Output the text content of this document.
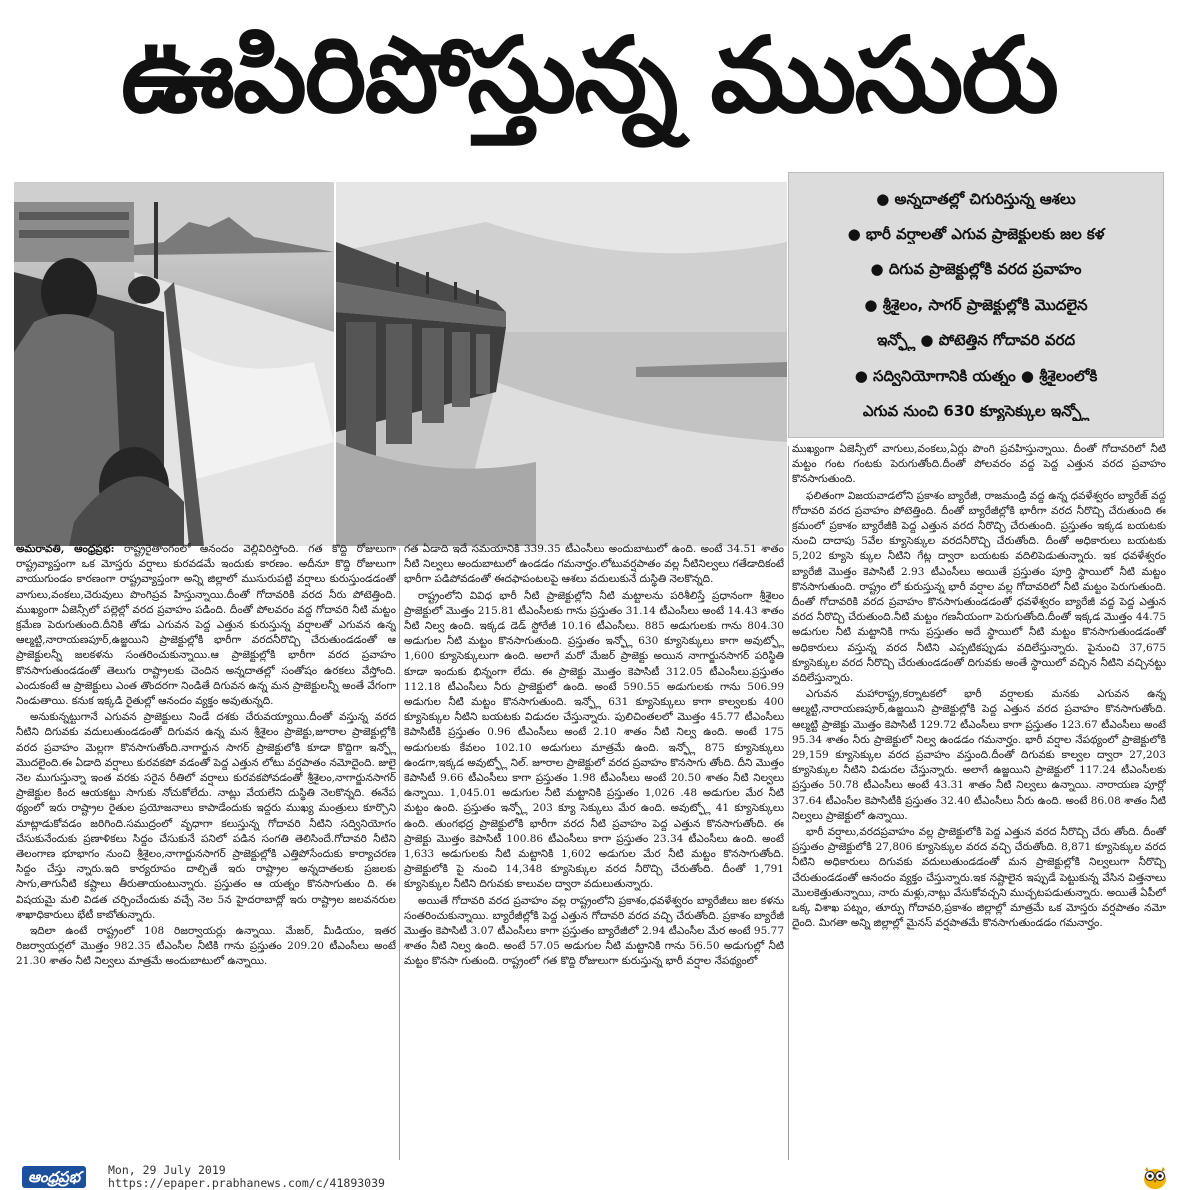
ఊపిరిపోస్తున్న ముసురు
● అన్నదాతల్లో చిగురిస్తున్న ఆశలు
● భారీ వర్షాలతో ఎగువ ప్రాజెక్టులకు జల కళ
● దిగువ ప్రాజెక్టుల్లోకి వరద ప్రవాహం
● శ్రీశైలం, సాగర్ ప్రాజెక్టుల్లోకి మొదలైన
ఇన్ఫ్లో ● పోటెత్తిన గోదావరి వరద
● సద్వినియోగానికి యత్నం ● శ్రీశైలంలోకి
ఎగువ నుంచి 630 క్యూసెక్కుల ఇన్ఫ్లో

అమరావతి, ఆంధ్రప్రభ: రాష్ట్రరైతాంగంలో ఆనందం వెల్లివిరిస్తోంది. గత కొద్ది రోజులుగా రాష్ట్రవ్యాప్తంగా ఒక మోస్తరు వర్షాలు కురవడమే ఇందుకు కారణం. అదీనూ కొద్ది రోజులుగా వాయుగుండం కారణంగా రాష్ట్రవ్యాప్తంగా అన్ని జిల్లాలో ముసురుపట్టి వర్షాలు కురుస్తుండడంతో వాగులు,వంకలు,చెరువులు పొంగిప్రవ హిస్తున్నాయి.దీంతో గోదావరికి వరద నీరు పోటెత్తింది. ముఖ్యంగా ఏజెన్సీలో పల్లెల్లో వరద ప్రవాహం పడింది. దీంతో పోలవరం వద్ద గోదావరి నీటి మట్టం క్రమేణ పెరుగుతుంది.దీనికి తోడు ఎగువన పెద్ద ఎత్తున కురుస్తున్న వర్షాలతో ఎగువన ఉన్న ఆల్మట్టి,నారాయణపూర్,ఉజ్జయిని ప్రాజెక్టుల్లోకి భారీగా వరదనీరొచ్చి చేరుతుండడంతో ఆ ప్రాజెక్టులన్నీ జలకళను సంతరించుకున్నాయి.ఆ ప్రాజెక్టుల్లోకి భారీగా వరద ప్రవాహం కొనసాగుతుండడంతో తెలుగు రాష్ట్రాలకు చెందిన అన్నదాతల్లో సంతోషం ఉరకలు వేస్తోంది. ఎందుకంటే ఆ ప్రాజెక్టులు ఎంత తొందరగా నిండితే దిగువన ఉన్న మన ప్రాజెక్టులన్నీ అంతే వేగంగా నిండుతాయి. కనుక ఇక్కడి రైతుల్లో ఆనందం వ్యక్తం అవుతున్నది.

అనుకున్నట్టుగానే ఎగువన ప్రాజెక్టులు నిండే దశకు చేరువయ్యాయి.దీంతో వస్తున్న వరద నీటిని దిగువకు వదులుతుండడంతో దిగువన ఉన్న మన శ్రీశైలం ప్రాజెక్టు,జూరాల ప్రాజెక్టుల్లోకి వరద ప్రవాహం మెల్లగా కొనసాగుతోంది.నాగార్జున సాగర్ ప్రాజెక్టులోకి కూడా కొద్దిగా ఇన్ఫ్లో మొదలైంది.ఈ ఏడాది వర్షాలు కురవకపో వడంతో పెద్ద ఎత్తున లోటు వర్షపాతం నమోదైంది. జులై నెల ముగుస్తున్నా ఇంత వరకు సరైన రీతిలో వర్షాలు కురవకపోవడంతో శ్రీశైలం,నాగార్జునసాగర్ ప్రాజెక్టుల కింద ఆయకట్టు సాగుకు నోచుకోలేదు. నాట్లు వేయలేని దుస్థితి నెలకొన్నది. ఈనేప థ్యంలో ఇరు రాష్ట్రాల రైతుల ప్రయోజనాలు కాపాడేందుకు ఇద్దరు ముఖ్య మంత్రులు కూర్చొని మాట్లాడుకోవడం జరిగింది.సముద్రంలో వృధాగా కలుస్తున్న గోదావరి నీటిని సద్వినియోగం చేసుకునేందుకు ప్రణాళికలు సిద్దం చేసుకునే పనిలో పడిన సంగతి తెలిసిందే.గోదావరి నీటిని తెలంగాణ భూభాగం నుంచి శ్రీశైలం,నాగార్జునసాగర్ ప్రాజెక్టుల్లోకి ఎత్తిపోసేందుకు కార్యాచరణ సిద్దం చేస్తు న్నారు.ఇది కార్యరూపం దాల్చితే ఇరు రాష్ట్రాల అన్నదాతలకు ప్రజలకు సాగు,తాగునీటి కష్టాలు తీరుతాయంటున్నారు. ప్రస్తుతం ఆ యత్నం కొనసాగుతుం ది. ఈ విషయమై మలి విడత చర్చించేందుకు వచ్చే నెల 5న హైదరాబాద్లో ఇరు రాష్ట్రాల జలవనరుల శాఖాధికారులు భేటీ కాబోతున్నారు.

ఇదిలా ఉంటే రాష్ట్రంలో 108 రిజర్వాయర్లు ఉన్నాయి. మేజర్, మీడియం, ఇతర రిజర్వాయర్లలో మొత్తం 982.35 టీఎంసీల నీటికి గాను ప్రస్తుతం 209.20 టీఎంసీలు అంటే 21.30 శాతం నీటి నిల్వలు మాత్రమే అందుబాటులో ఉన్నాయి.

గత ఏడాది ఇదే సమయానికి 339.35 టీఎంసీలు అందుబాటులో ఉంది. అంటే 34.51 శాతం నీటి నిల్వలు అందుబాటులో ఉండడం గమనార్హం.లోటువర్షపాతం వల్ల నీటినిల్వలు గతేడాదికంటే భారీగా పడిపోవడంతో ఈదఫాపంటలపై ఆశలు వదులుకునే దుస్థితి నెలకొన్నది.

రాష్ట్రంలోని వివిధ భారీ నీటి ప్రాజెక్టుల్లోని నీటి మట్టాలను పరిశీలిస్తే ప్రధానంగా శ్రీశైలం ప్రాజెక్టులో మొత్తం 215.81 టీఎంసీలకు గాను ప్రస్తుతం 31.14 టీఎంసీలు అంటే 14.43 శాతం నీటి నిల్వ ఉంది. ఇక్కడ డెడ్ స్టోరేజీ 10.16 టీఎంసీలు. 885 అడుగులకు గాను 804.30 అడుగుల నీటి మట్టం కొనసాగుతుంది. ప్రస్తుతం ఇన్ఫ్లో 630 క్యూసెక్కులు కాగా అవుట్ఫ్లో 1,600 క్యూసెక్కులుగా ఉంది. అలాగే మరో మేజర్ ప్రాజెక్టు అయిన నాగార్జునసాగర్ పరిస్థితి కూడా ఇందుకు భిన్నంగా లేదు. ఈ ప్రాజెక్టు మొత్తం కెపాసిటీ 312.05 టీఎంసీలు.ప్రస్తుతం 112.18 టీఎంసీలు నీరు ప్రాజెక్టులో ఉంది. అంటే 590.55 అడుగులకు గాను 506.99 అడుగుల నీటి మట్టం కొనసాగుతుంది. ఇన్ఫ్లో 631 క్యూసెక్కులు కాగా కాల్వలకు 400 క్యూసెక్కుల నీటిని బయటకు విడుదల చేస్తున్నారు. పులిచింతలలో మొత్తం 45.77 టీఎంసీలు కెపాసిటీకి ప్రస్తుతం 0.96 టీఎంసీలు అంటే 2.10 శాతం నీటి నిల్వ ఉంది. అంటే 175 అడుగులకు కేవలం 102.10 అడుగులు మాత్రమే ఉంది. ఇన్ఫ్లో 875 క్యూసెక్కులు ఉండగా,ఇక్కడ అవుట్ఫ్లో నిల్. జూరాల ప్రాజెక్టులో వరద ప్రవాహం కొనసాగు తోంది. దీని మొత్తం కెపాసిటీ 9.66 టీఎంసీలు కాగా ప్రస్తుతం 1.98 టీఎంసీలు అంటే 20.50 శాతం నీటి నిల్వలు ఉన్నాయి. 1,045.01 అడుగుల నీటి మట్టానికి ప్రస్తుతం 1,026 .48 అడుగుల మేర నీటి మట్టం ఉంది. ప్రస్తుతం ఇన్ఫ్లో 203 క్యూ సెక్కులు మేర ఉంది. అవుట్ఫ్లో 41 క్యూసెక్కులు ఉంది. తుంగభద్ర ప్రాజెక్టులోకి భారీగా వరద నీటి ప్రవాహం పెద్ద ఎత్తున కొనసాగుతోంది. ఈ ప్రాజెక్టు మొత్తం కెపాసిటీ 100.86 టీఎంసీలు కాగా ప్రస్తుతం 23.34 టీఎంసీలు ఉంది. అంటే 1,633 అడుగులకు నీటి మట్టానికి 1,602 అడుగుల మేర నీటి మట్టం కొనసాగుతోంది. ప్రాజెక్టులోకి పై నుంచి 14,348 క్యూసెక్కుల వరద నీరొచ్చి చేరుతోంది. దీంతో 1,791 క్యూసెక్కుల నీటిని దిగువకు కాలువల ద్వారా వదులుతున్నారు.

అయితే గోదావరి వరద ప్రవాహం వల్ల రాష్ట్రంలోని ప్రకాశం,ధవళేశ్వరం బ్యారేజీలు జల కళను సంతరించుకున్నాయి. బ్యారేజీల్లోకి పెద్ద ఎత్తున గోదావరి వరద వచ్చి చేరుతోంది. ప్రకాశం బ్యారేజీ మొత్తం కెపాసిటీ 3.07 టీఎంసీలు కాగా ప్రస్తుతం బ్యారేజీలో 2.94 టీఎంసీల మేర అంటే 95.77 శాతం నీటి నిల్వ ఉంది. అంటే 57.05 అడుగుల నీటి మట్టానికి గాను 56.50 అడుగుల్లో నీటి మట్టం కొనసా గుతుంది. రాష్ట్రంలో గత కొద్ది రోజులుగా కురుస్తున్న భారీ వర్షాల నేపథ్యంలో

ముఖ్యంగా ఏజెన్సీలో వాగులు,వంకలు,ఏర్లు పొంగి ప్రవహిస్తున్నాయి. దీంతో గోదావరిలో నీటి మట్టం గంట గంటకు పెరుగుతోంది.దీంతో పోలవరం వద్ద పెద్ద ఎత్తున వరద ప్రవాహం కొనసాగుతుంది.

ఫలితంగా విజయవాడలోని ప్రకాశం బ్యారేజీ, రాజమండ్రి వద్ద ఉన్న ధవళేశ్వరం బ్యారేజ్ వద్ద గోదావరి వరద ప్రవాహం పోటెత్తింది. దీంతో బ్యారేజీల్లోకి భారీగా వరద నీరొచ్చి చేరుతుంది ఈ క్రమంలో ప్రకాశం బ్యారేజీకి పెద్ద ఎత్తున వరద నీరొచ్చి చేరుతుంది. ప్రస్తుతం ఇక్కడ బయటకు నుంచి దాదాపు 5వేల క్యూసెక్కుల వరదనీరొచ్చి చేరుతోంది. దీంతో అధికారులు బయటకు 5,202 క్యూసె క్కుల నీటిని గేట్ల ద్వారా బయటకు వదిలిపెడుతున్నారు. ఇక ధవళేశ్వరం బ్యారేజీ మొత్తం కెపాసిటీ 2.93 టీఎంసీలు అయితే ప్రస్తుతం పూర్తి స్థాయిలో నీటి మట్టం కొనసాగుతుంది. రాష్ట్రం లో కురుస్తున్న భారీ వర్షాల వల్ల గోదావరిలో నీటి మట్టం పెరుగుతుంది. దీంతో గోదావరికి వరద ప్రవాహం కొనసాగుతుండడంతో ధవళేశ్వరం బ్యారేజీ వద్ద పెద్ద ఎత్తున వరద నీరొచ్చి చేరుతుంది.నీటి మట్టం గణనీయంగా పెరుగుతోంది.దీంతో ఇక్కడ మొత్తం 44.75 అడుగుల నీటి మట్టానికి గాను ప్రస్తుతం అదే స్థాయిలో నీటి మట్టం కొనసాగుతుండడంతో అధికారులు వస్తున్న వరద నీటిని ఎప్పటికప్పుడు వదిలేస్తున్నారు. పైనుంచి 37,675 క్యూసెక్కుల వరద నీరొచ్చి చేరుతుండడంతో దిగువకు అంతే స్థాయిలో వచ్చిన నీటిని వచ్చినట్టు వదిలేస్తున్నారు.

ఎగువన మహారాష్ట్ర,కర్నాటకలో భారీ వర్షాలకు మనకు ఎగువన ఉన్న ఆల్మట్టి,నారాయణపూర్,ఉజ్జయిని ప్రాజెక్టుల్లోకి పెద్ద ఎత్తున వరద ప్రవాహం కొనసాగుతోంది. ఆల్మట్టి ప్రాజెక్టు మొత్తం కెపాసిటీ 129.72 టీఎంసీలు కాగా ప్రస్తుతం 123.67 టీఎంసీలు అంటే 95.34 శాతం నీరు ప్రాజెక్టులో నిల్వ ఉండడం గమనార్హం. భారీ వర్షాల నేపథ్యంలో ప్రాజెక్టులోకి 29,159 క్యూసెక్కుల వరద ప్రవాహం వస్తుంది.దీంతో దిగువకు కాల్వల ద్వారా 27,203 క్యూసెక్కుల నీటిని విడుదల చేస్తున్నారు. అలాగే ఉజ్జయిని ప్రాజెక్టులో 117.24 టీఎంసీలకు ప్రస్తుతం 50.78 టీఎంసీలు అంటే 43.31 శాతం నీటి నిల్వలు ఉన్నాయి. నారాయణ పూర్లో 37.64 టీఎంసీల కెపాసిటీకి ప్రస్తుతం 32.40 టీఎంసీలు నీరు ఉంది. అంటే 86.08 శాతం నీటి నిల్వలు ప్రాజెక్టులో ఉన్నాయి.

భారీ వర్షాలు,వరదప్రవాహం వల్ల ప్రాజెక్టులోకి పెద్ద ఎత్తున వరద నీరొచ్చి చేరు తోంది. దీంతో ప్రస్తుతం ప్రాజెక్టులోకి 27,806 క్యూసెక్కుల వరద వచ్చి చేరుతోంది. 8,871 క్యూసెక్కుల వరద నీటిని అధికారులు దిగువకు వదులుతుండడంతో మన ప్రాజెక్టుల్లోకి నిల్వలుగా నీరొచ్చి చేరుతుండడంతో ఆనందం వ్యక్తం చేస్తున్నారు.ఇక నష్టాలైన ఇప్పుడే పెట్టుకున్న వేసిన విత్తనాలు మొలకెత్తుతున్నాయి, నారు మళ్లు,నాట్లు వేసుకోవచ్చని ముచ్చటపడుతున్నారు. అయితే ఏపీలో ఒక్క విశాఖ పట్నం, తూర్పు గోదావరి,ప్రకాశం జిల్లాల్లో మాత్రమే ఒక మోస్తరు వర్షపాతం నమో దైంది. మిగతా అన్ని జిల్లాల్లో మైనస్ వర్షపాతమే కొనసాగుతుండడం గమనార్హం.

ఆంధ్రప్రభ	Mon, 29 July 2019
https://epaper.prabhanews.com/c/41893039
